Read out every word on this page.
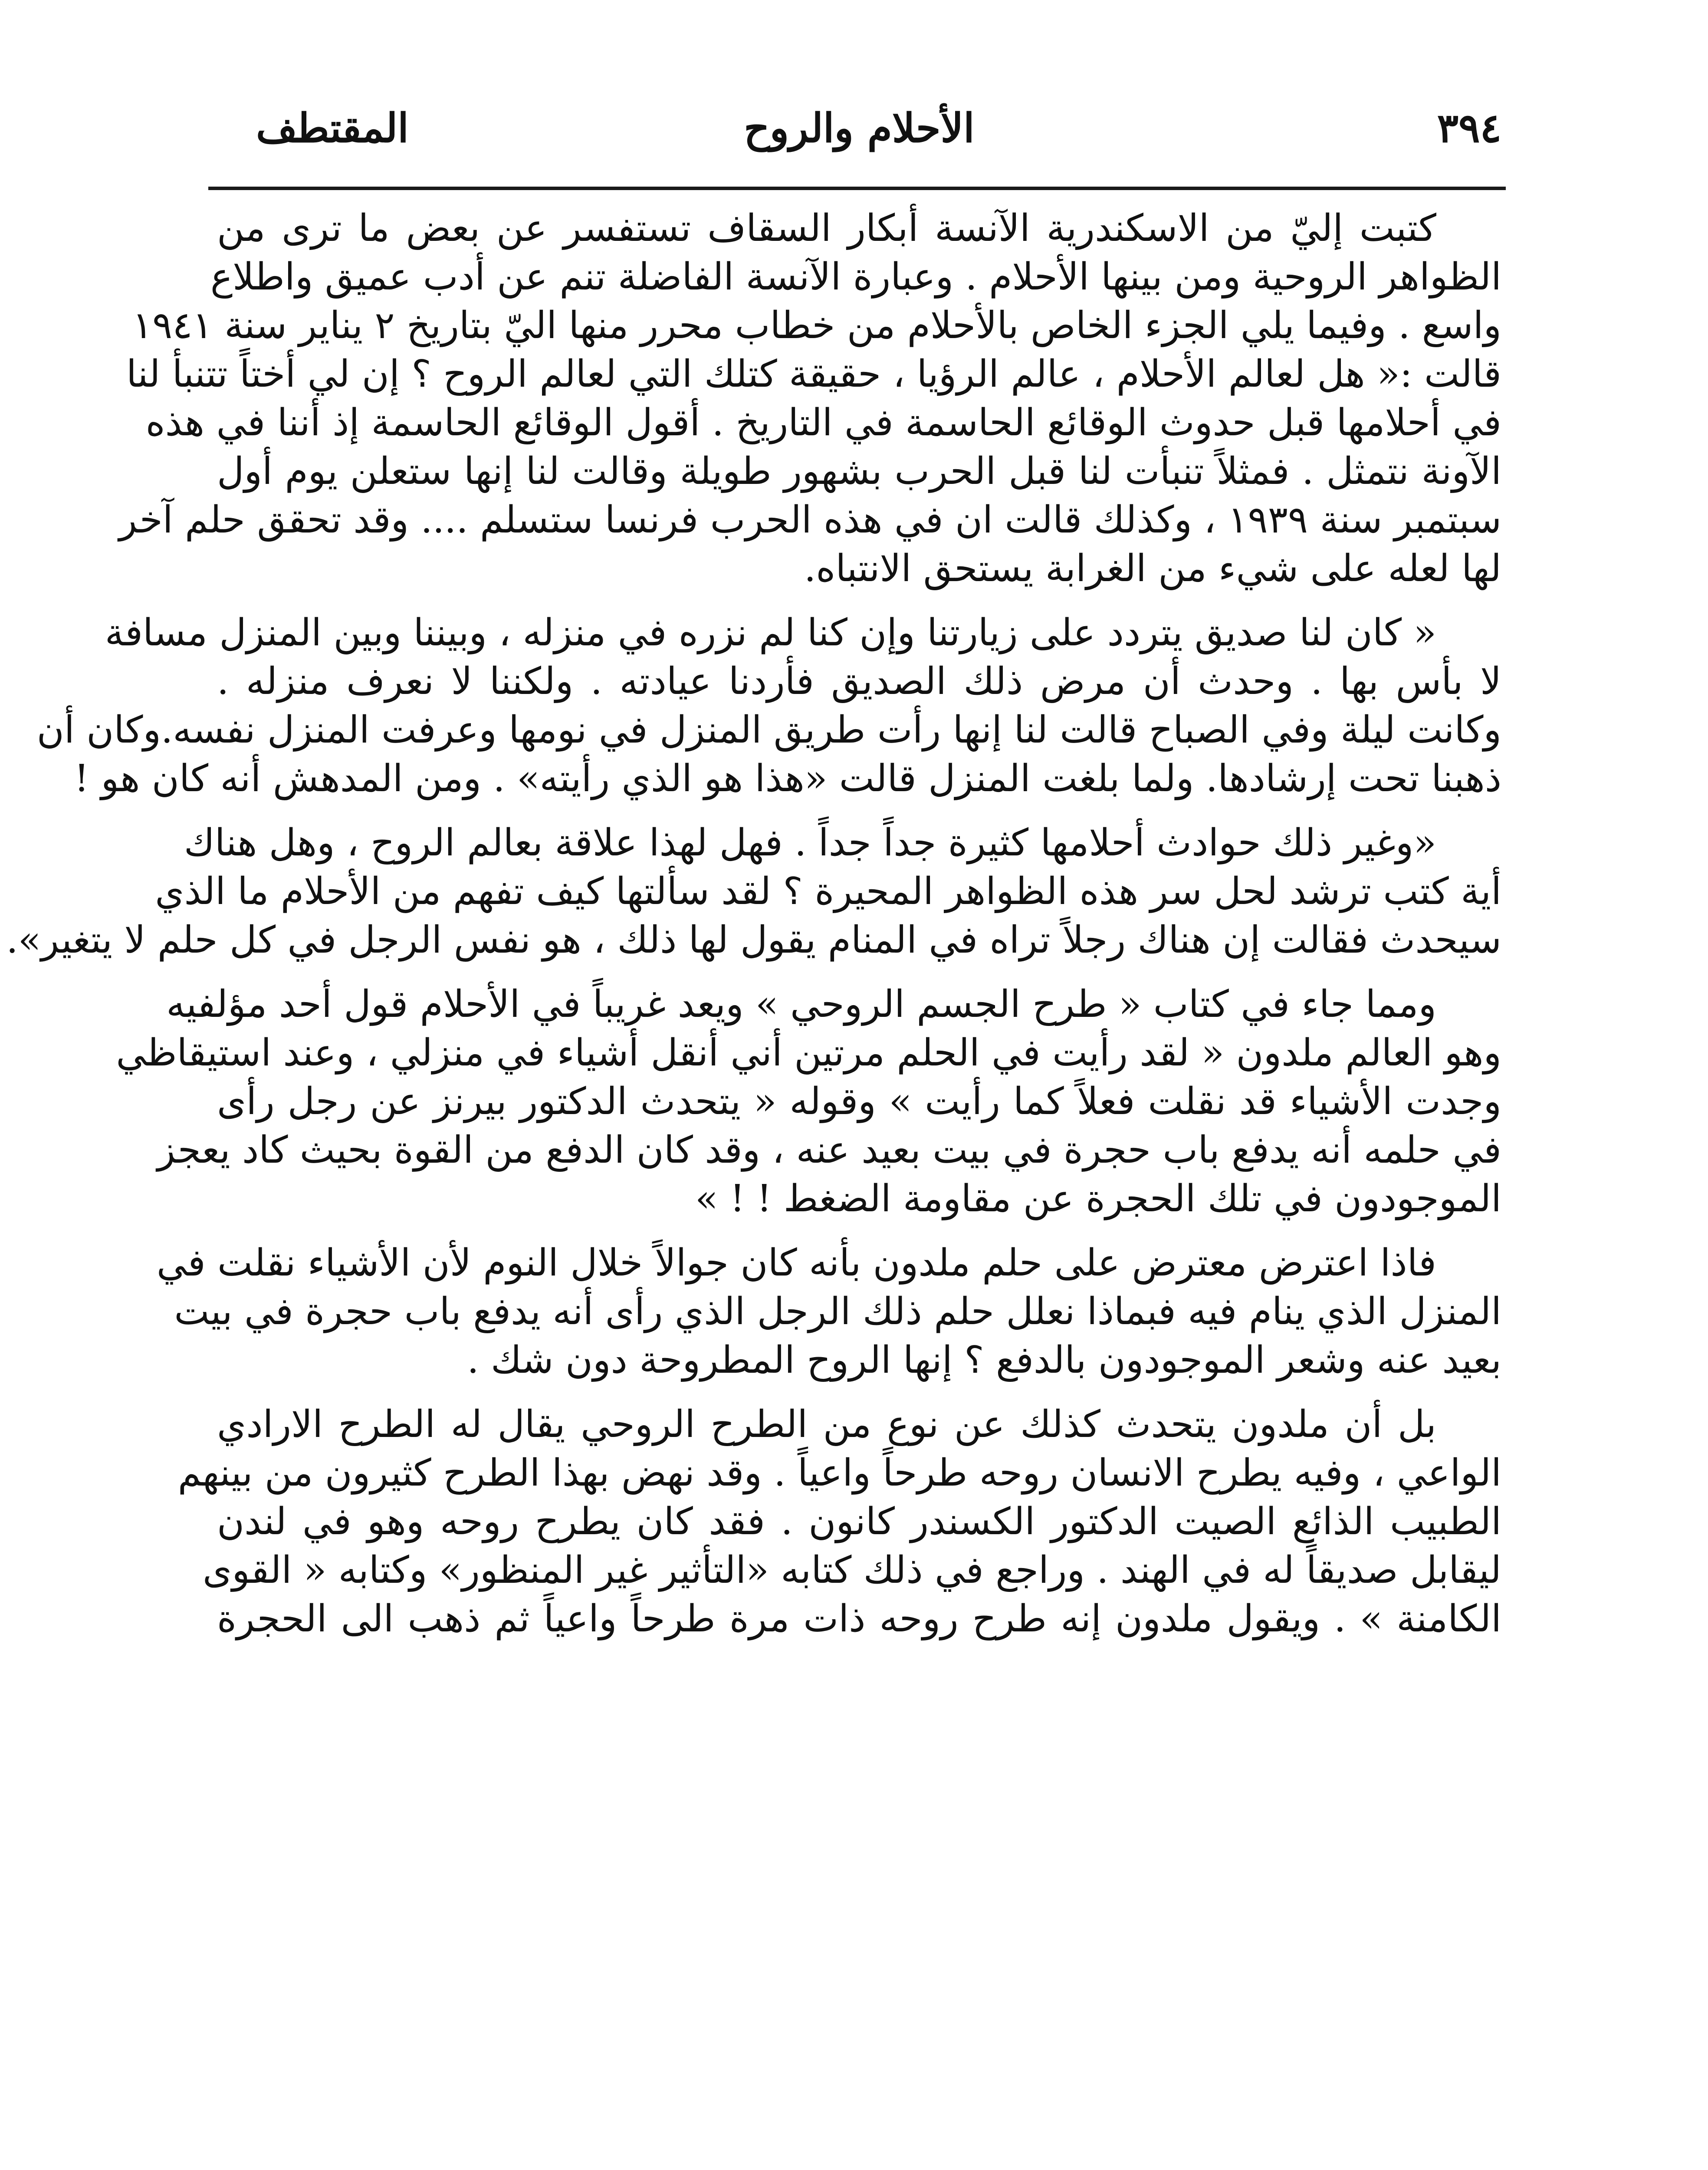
٣٩٤
الأحلام والروح
المقتطف
كتبت إليّ من الاسكندرية الآنسة أبكار السقاف تستفسر عن بعض ما ترى من
الظواهر الروحية ومن بينها الأحلام . وعبارة الآنسة الفاضلة تنم عن أدب عميق واطلاع
واسع . وفيما يلي الجزء الخاص بالأحلام من خطاب محرر منها اليّ بتاريخ ٢ يناير سنة ١٩٤١
قالت :« هل لعالم الأحلام ، عالم الرؤيا ، حقيقة كتلك التي لعالم الروح ؟ إن لي أختاً تتنبأ لنا
في أحلامها قبل حدوث الوقائع الحاسمة في التاريخ . أقول الوقائع الحاسمة إذ أننا في هذه
الآونة نتمثل . فمثلاً تنبأت لنا قبل الحرب بشهور طويلة وقالت لنا إنها ستعلن يوم أول
سبتمبر سنة ١٩٣٩ ، وكذلك قالت ان في هذه الحرب فرنسا ستسلم .... وقد تحقق حلم آخر
لها لعله على شيء من الغرابة يستحق الانتباه.
« كان لنا صديق يتردد على زيارتنا وإن كنا لم نزره في منزله ، وبيننا وبين المنزل مسافة
لا بأس بها . وحدث أن مرض ذلك الصديق فأردنا عيادته . ولكننا لا نعرف منزله .
وكانت ليلة وفي الصباح قالت لنا إنها رأت طريق المنزل في نومها وعرفت المنزل نفسه.وكان أن
ذهبنا تحت إرشادها. ولما بلغت المنزل قالت «هذا هو الذي رأيته» . ومن المدهش أنه كان هو !
«وغير ذلك حوادث أحلامها كثيرة جداً جداً . فهل لهذا علاقة بعالم الروح ، وهل هناك
أية كتب ترشد لحل سر هذه الظواهر المحيرة ؟ لقد سألتها كيف تفهم من الأحلام ما الذي
سيحدث فقالت إن هناك رجلاً تراه في المنام يقول لها ذلك ، هو نفس الرجل في كل حلم لا يتغير».
ومما جاء في كتاب « طرح الجسم الروحي » ويعد غريباً في الأحلام قول أحد مؤلفيه
وهو العالم ملدون « لقد رأيت في الحلم مرتين أني أنقل أشياء في منزلي ، وعند استيقاظي
وجدت الأشياء قد نقلت فعلاً كما رأيت » وقوله « يتحدث الدكتور بيرنز عن رجل رأى
في حلمه أنه يدفع باب حجرة في بيت بعيد عنه ، وقد كان الدفع من القوة بحيث كاد يعجز
الموجودون في تلك الحجرة عن مقاومة الضغط ! ! »
فاذا اعترض معترض على حلم ملدون بأنه كان جوالاً خلال النوم لأن الأشياء نقلت في
المنزل الذي ينام فيه فبماذا نعلل حلم ذلك الرجل الذي رأى أنه يدفع باب حجرة في بيت
بعيد عنه وشعر الموجودون بالدفع ؟ إنها الروح المطروحة دون شك .
بل أن ملدون يتحدث كذلك عن نوع من الطرح الروحي يقال له الطرح الارادي
الواعي ، وفيه يطرح الانسان روحه طرحاً واعياً . وقد نهض بهذا الطرح كثيرون من بينهم
الطبيب الذائع الصيت الدكتور الكسندر كانون . فقد كان يطرح روحه وهو في لندن
ليقابل صديقاً له في الهند . وراجع في ذلك كتابه «التأثير غير المنظور» وكتابه « القوى
الكامنة » . ويقول ملدون إنه طرح روحه ذات مرة طرحاً واعياً ثم ذهب الى الحجرة
